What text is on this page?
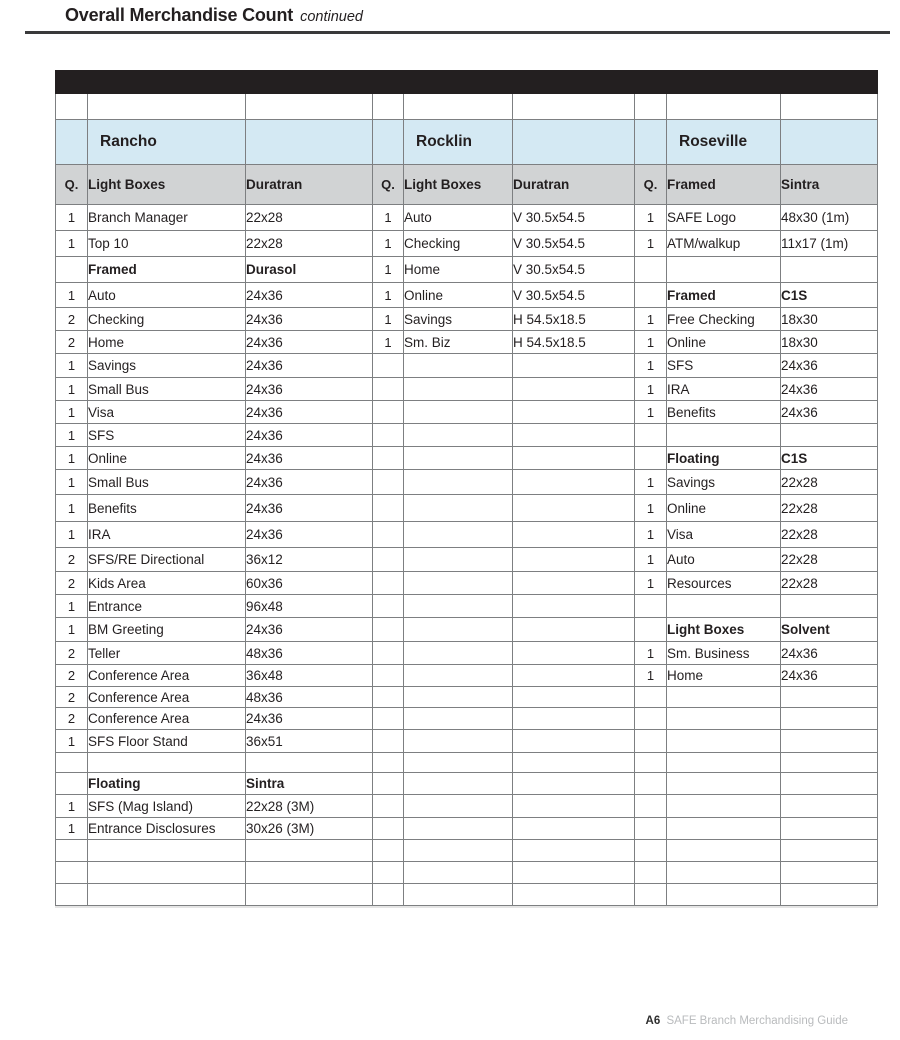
Overall Merchandise Count continued

	Rancho			Rocklin			Roseville	
Q.	Light Boxes	Duratran	Q.	Light Boxes	Duratran	Q.	Framed	Sintra
1	Branch Manager	22x28	1	Auto	V 30.5x54.5	1	SAFE Logo	48x30 (1m)
1	Top 10	22x28	1	Checking	V 30.5x54.5	1	ATM/walkup	11x17 (1m)
	Framed	Durasol	1	Home	V 30.5x54.5			
1	Auto	24x36	1	Online	V 30.5x54.5		Framed	C1S
2	Checking	24x36	1	Savings	H 54.5x18.5	1	Free Checking	18x30
2	Home	24x36	1	Sm. Biz	H 54.5x18.5	1	Online	18x30
1	Savings	24x36				1	SFS	24x36
1	Small Bus	24x36				1	IRA	24x36
1	Visa	24x36				1	Benefits	24x36
1	SFS	24x36						
1	Online	24x36					Floating	C1S
1	Small Bus	24x36				1	Savings	22x28
1	Benefits	24x36				1	Online	22x28
1	IRA	24x36				1	Visa	22x28
2	SFS/RE Directional	36x12				1	Auto	22x28
2	Kids Area	60x36				1	Resources	22x28
1	Entrance	96x48						
1	BM Greeting	24x36					Light Boxes	Solvent
2	Teller	48x36				1	Sm. Business	24x36
2	Conference Area	36x48				1	Home	24x36
2	Conference Area	48x36						
2	Conference Area	24x36						
1	SFS Floor Stand	36x51						

	Floating	Sintra						
1	SFS (Mag Island)	22x28 (3M)						
1	Entrance Disclosures	30x26 (3M)						

A6 SAFE Branch Merchandising Guide
